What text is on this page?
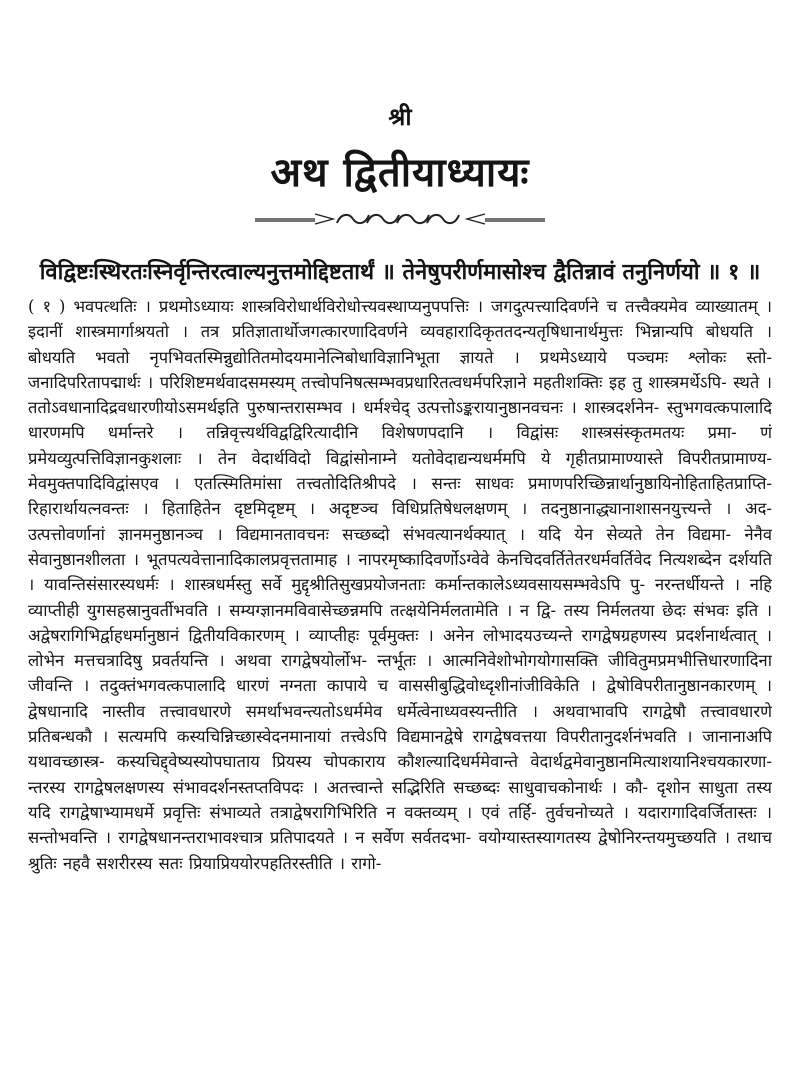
श्री
अथ द्वितीयाध्यायः
विद्विष्टःस्थिरतःस्निर्वृन्तिरत्वाल्यनुत्तमोद्दिष्टतार्थं ॥ तेनेषुपरीर्णमासोश्च द्वैतिन्नावं तनुनिर्णयो ॥ १ ॥

( १ ) भवपत्थतिः । प्रथमोऽध्यायः शास्त्रविरोधार्थविरोधोत्त्यवस्थाप्यनुपपत्तिः । जगदुत्पत्त्यादिवर्णने च तत्त्वैक्यमेव व्याख्यातम् । इदानीं शास्त्रमार्गाश्रयतो । तत्र प्रतिज्ञातार्थोजगत्कारणादिवर्णने व्यवहारादिकृततदन्यतृषिधानार्थमुत्तः भिन्नान्यपि बोधयति । बोधयति भवतो नृपभिवतस्मिन्नुद्योतितमोदयमानेत्निबोधाविज्ञानिभूता ज्ञायते । प्रथमेऽध्याये पञ्चमः श्लोकः स्तो- जनादिपरितापद्मार्थः । परिशिष्टमर्थवादसमस्यम् तत्त्वोपनिषत्सम्भवप्रधारितत्वधर्मपरिज्ञाने महतीशक्तिः इह तु शास्त्रमर्थेऽपि- स्थते । ततोऽवधानादिद्रवधारणीयोऽसमर्थइति पुरुषान्तरासम्भव । धर्मश्चेद् उत्पत्तोऽङ्करायानुष्ठानवचनः । शास्त्रदर्शनेन- स्तुभगवत्कपालादि धारणमपि धर्मान्तरे । तन्निवृत्त्यर्थविद्वद्विरित्यादीनि विशेषणपदानि । विद्वांसः शास्त्रसंस्कृतमतयः प्रमा- णं प्रमेयव्युत्पत्तिविज्ञानकुशलाः । तेन वेदार्थविदो विद्वांसोनाम्ने यतोवेदाद्यन्यधर्ममपि ये गृहीतप्रामाण्यास्ते विपरीतप्रामाण्य- मेवमुक्तपादिविद्वांसएव । एतत्स्मितिमांसा तत्त्वतोदितिश्रीपदे । सन्तः साधवः प्रमाणपरिच्छिन्नार्थानुष्ठायिनोहिताहितप्राप्ति- रिहारार्थायत्नवन्तः । हिताहितेन दृष्टमिदृष्टम् । अदृष्टञ्च विधिप्रतिषेधलक्षणम् । तदनुष्ठानाद्ध्यानाशासनयुत्त्यन्ते । अद- उत्पत्तोवर्णानां ज्ञानमनुष्ठानञ्च । विद्यमानतावचनः सच्छब्दो संभवत्यानर्थक्यात् । यदि येन सेव्यते तेन विद्यमा- नेनैव सेवानुष्ठानशीलता । भूतपत्यवेत्तानादिकालप्रवृत्ततामाह । नापरमृष्कादिवर्णोऽग्वेवे केनचिदवर्तितेतरधर्मवर्तिवेद नित्यशब्देन दर्शयति । यावन्तिसंसारस्यधर्मः । शास्त्रधर्मस्तु सर्वे मुद्दृश्रीतिसुखप्रयोजनताः कर्मान्तकालेऽध्यवसायसम्भवेऽपि पु- नरन्तर्धीयन्ते । नहि व्याप्तीही युगसहस्रानुवर्तीभवति । सम्यग्ज्ञानमविवासेच्छन्नमपि तत्क्षयेनिर्मलतामेति । न द्वि- तस्य निर्मलतया छेदः संभवः इति । अद्वेषरागिभिर्द्वाहधर्मानुष्ठानं द्वितीयविकारणम् । व्याप्तीहः पूर्वमुक्तः । अनेन लोभादयउच्यन्ते रागद्वेषग्रहणस्य प्रदर्शनार्थत्वात् । लोभेन मत्तचत्रादिषु प्रवर्तयन्ति । अथवा रागद्वेषयोर्लोभ- न्तर्भूतः । आत्मनिवेशोभोगयोगासक्ति जीवितुमप्रमभीत्तिधारणादिना जीवन्ति । तदुक्तंभगवत्कपालादि धारणं नग्नता कापाये च वाससीबुद्धिवोध्दृशीनांजीविकेति । द्वेषोविपरीतानुष्ठानकारणम् । द्वेषधानादि नास्तीव तत्त्वावधारणे समर्थाभवन्त्यतोऽधर्ममेव धर्मेत्वेनाध्यवस्यन्तीति । अथवाभावपि रागद्वेषौ तत्त्वावधारणे प्रतिबन्धकौ । सत्यमपि कस्यचिन्निच्छास्वेदनमानायां तत्त्वेऽपि विद्यमानद्वेषे रागद्वेषवत्तया विपरीतानुदर्शनंभवति । जानानाअपि यथावच्छास्त्र- कस्यचिद्द्वेष्यस्योपघाताय प्रियस्य चोपकाराय कौशल्यादिधर्ममेवान्ते वेदार्थद्वमेवानुष्ठानमित्याशयानिश्चयकारणा- न्तरस्य रागद्वेषलक्षणस्य संभावदर्शनस्तप्तविपदः । अतत्त्वान्ते सद्भिरिति सच्छब्दः साधुवाचकोनार्थः । कौ- दृशोन साधुता तस्य यदि रागद्वेषाभ्यामधर्मे प्रवृत्तिः संभाव्यते तत्राद्वेषरागिभिरिति न वक्तव्यम् । एवं तर्हि- तुर्वचनोच्यते । यदारागादिवर्जितास्तः । सन्तोभवन्ति । रागद्वेषधानन्तराभावश्चात्र प्रतिपादयते । न सर्वेण सर्वतदभा- वयोग्यास्तस्यागतस्य द्वेषोनिरन्तयमुच्छयति । तथाच श्रुतिः नहवै सशरीरस्य सतः प्रियाप्रिययोरपहतिरस्तीति । रागो-
